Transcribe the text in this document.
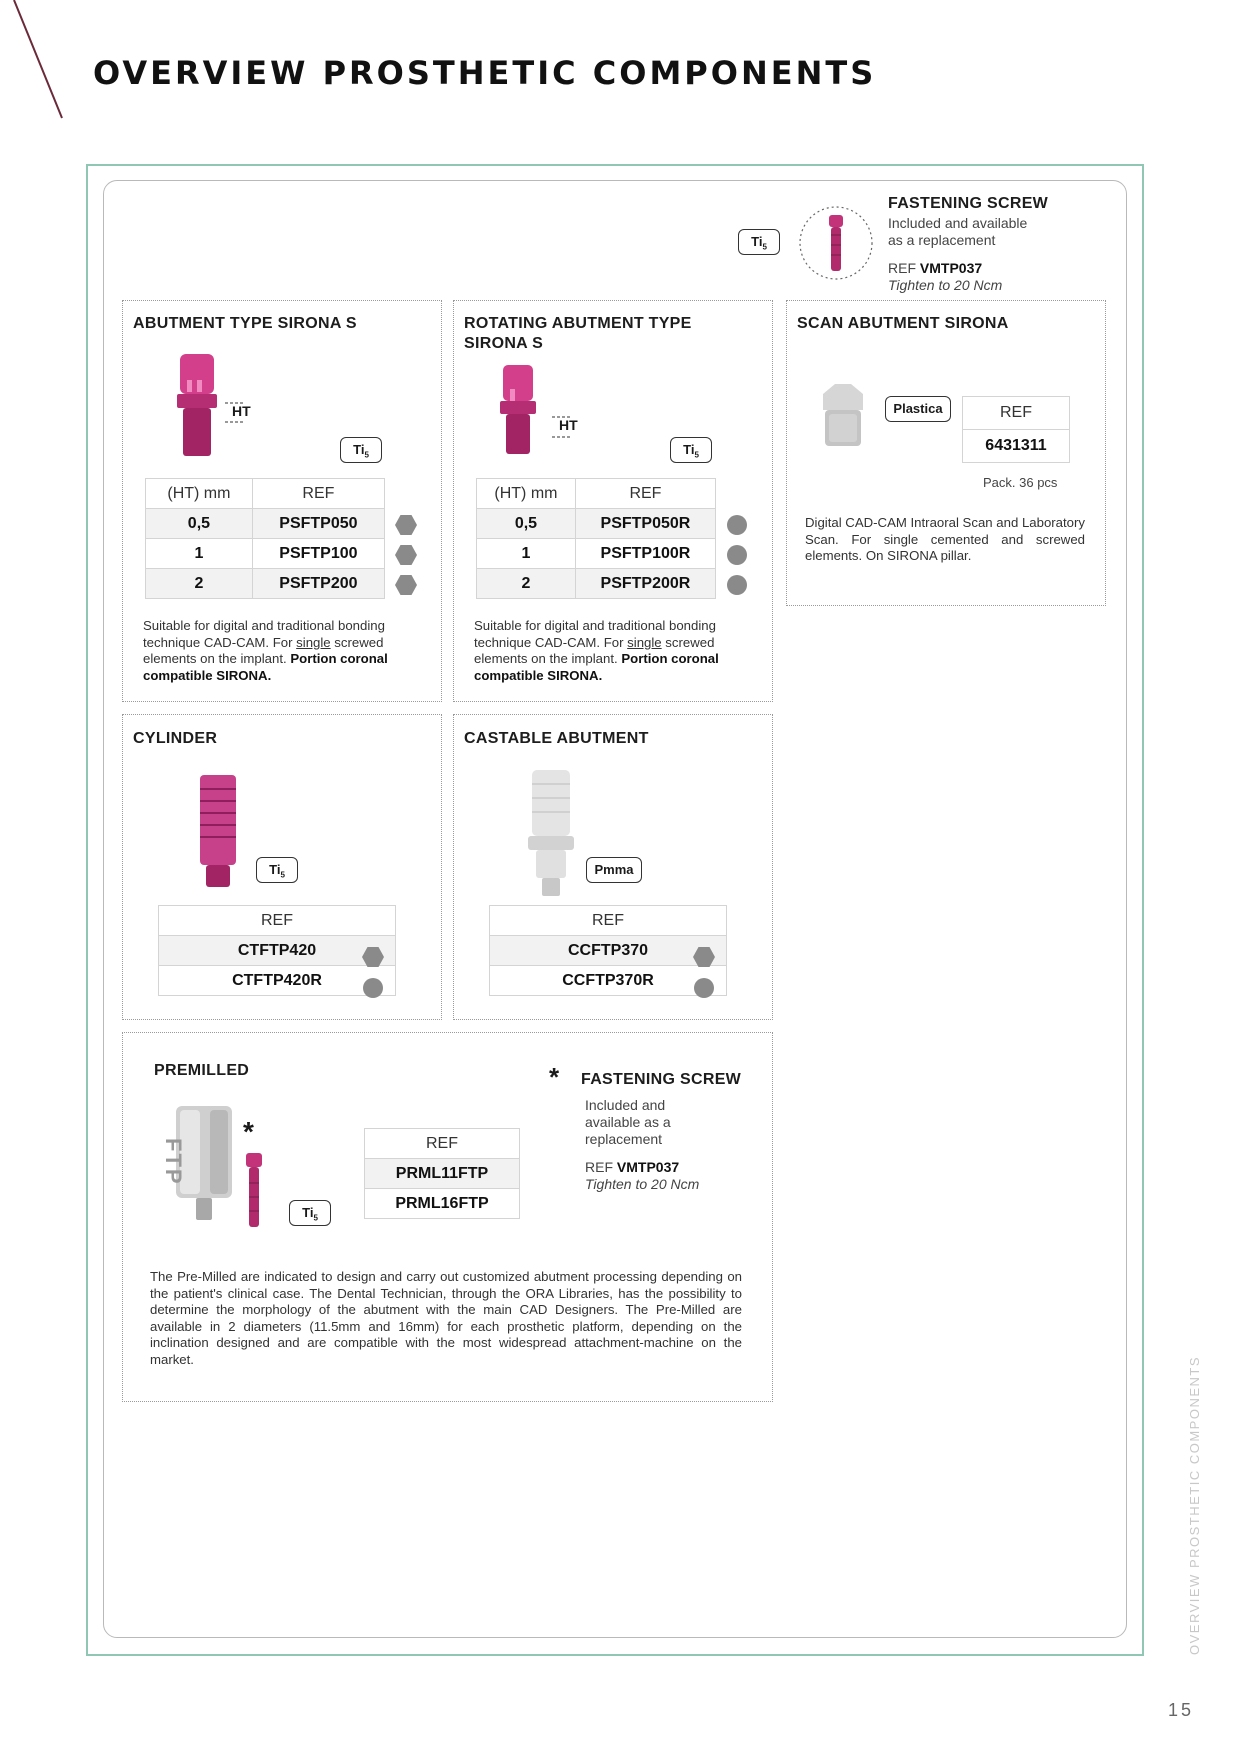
OVERVIEW PROSTHETIC COMPONENTS
$Ti_5$
FASTENING SCREW
Included and available
as a replacement
REF VMTP037
Tighten to 20 Ncm
ABUTMENT TYPE SIRONA S
HT
$Ti_5$
(HT) mm	REF
0,5	PSFTP050
1	PSFTP100
2	PSFTP200
Suitable for digital and traditional bonding technique CAD-CAM. For single screwed elements on the implant. Portion coronal compatible SIRONA.
ROTATING ABUTMENT TYPE
SIRONA S
HT
$Ti_5$
(HT) mm	REF
0,5	PSFTP050R
1	PSFTP100R
2	PSFTP200R
Suitable for digital and traditional bonding technique CAD-CAM. For single screwed elements on the implant. Portion coronal compatible SIRONA.
SCAN ABUTMENT SIRONA
Plastica	REF
6431311
Pack. 36 pcs
Digital CAD-CAM Intraoral Scan and Laboratory Scan. For single cemented and screwed elements. On SIRONA pillar.
CYLINDER
$Ti_5$
REF
CTFTP420
CTFTP420R
CASTABLE ABUTMENT
Pmma
REF
CCFTP370
CCFTP370R
PREMILLED
FTP
*
$Ti_5$
REF
PRML11FTP
PRML16FTP
* FASTENING SCREW
Included and
available as a
replacement
REF VMTP037
Tighten to 20 Ncm
The Pre-Milled are indicated to design and carry out customized abutment processing depending on the patient's clinical case. The Dental Technician, through the ORA Libraries, has the possibility to determine the morphology of the abutment with the main CAD Designers. The Pre-Milled are available in 2 diameters (11.5mm and 16mm) for each prosthetic platform, depending on the inclination designed and are compatible with the most widespread attachment-machine on the market.	OVERVIEW PROSTHETIC COMPONENTS
15
